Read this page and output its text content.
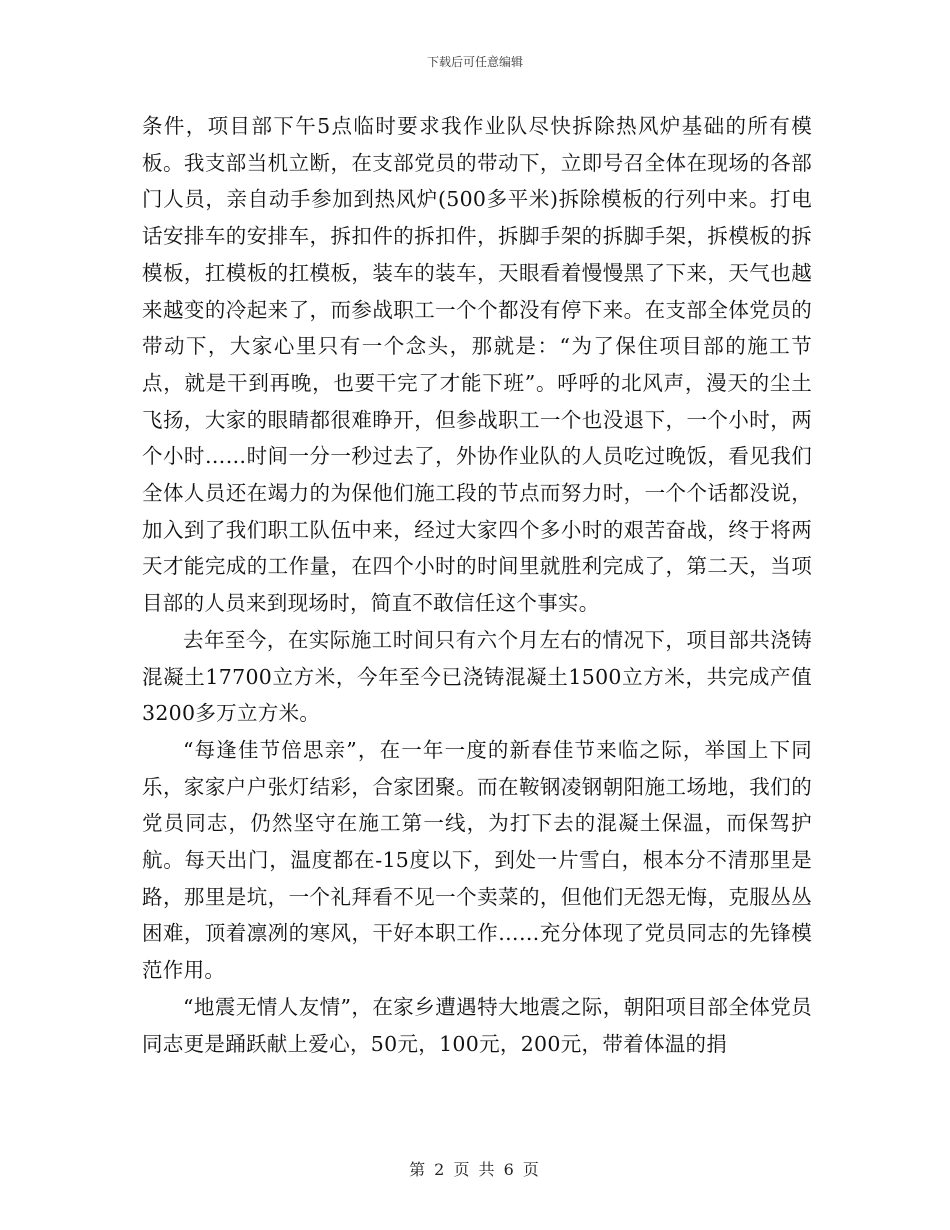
下载后可任意编辑

条件，项目部下午5点临时要求我作业队尽快拆除热风炉基础的所有模板。我支部当机立断，在支部党员的带动下，立即号召全体在现场的各部门人员，亲自动手参加到热风炉(500多平米)拆除模板的行列中来。打电话安排车的安排车，拆扣件的拆扣件，拆脚手架的拆脚手架，拆模板的拆模板，扛模板的扛模板，装车的装车，天眼看着慢慢黑了下来，天气也越来越变的冷起来了，而参战职工一个个都没有停下来。在支部全体党员的带动下，大家心里只有一个念头，那就是：“为了保住项目部的施工节点，就是干到再晚，也要干完了才能下班”。呼呼的北风声，漫天的尘土飞扬，大家的眼睛都很难睁开，但参战职工一个也没退下，一个小时，两个小时……时间一分一秒过去了，外协作业队的人员吃过晚饭，看见我们全体人员还在竭力的为保他们施工段的节点而努力时，一个个话都没说，加入到了我们职工队伍中来，经过大家四个多小时的艰苦奋战，终于将两天才能完成的工作量，在四个小时的时间里就胜利完成了，第二天，当项目部的人员来到现场时，简直不敢信任这个事实。

去年至今，在实际施工时间只有六个月左右的情况下，项目部共浇铸混凝土17700立方米，今年至今已浇铸混凝土1500立方米，共完成产值3200多万立方米。

“每逢佳节倍思亲”，在一年一度的新春佳节来临之际，举国上下同乐，家家户户张灯结彩，合家团聚。而在鞍钢凌钢朝阳施工场地，我们的党员同志，仍然坚守在施工第一线，为打下去的混凝土保温，而保驾护航。每天出门，温度都在-15度以下，到处一片雪白，根本分不清那里是路，那里是坑，一个礼拜看不见一个卖菜的，但他们无怨无悔，克服丛丛困难，顶着凛冽的寒风，干好本职工作……充分体现了党员同志的先锋模范作用。

“地震无情人友情”，在家乡遭遇特大地震之际，朝阳项目部全体党员同志更是踊跃献上爱心，50元，100元，200元，带着体温的捐

第 2 页 共 6 页
